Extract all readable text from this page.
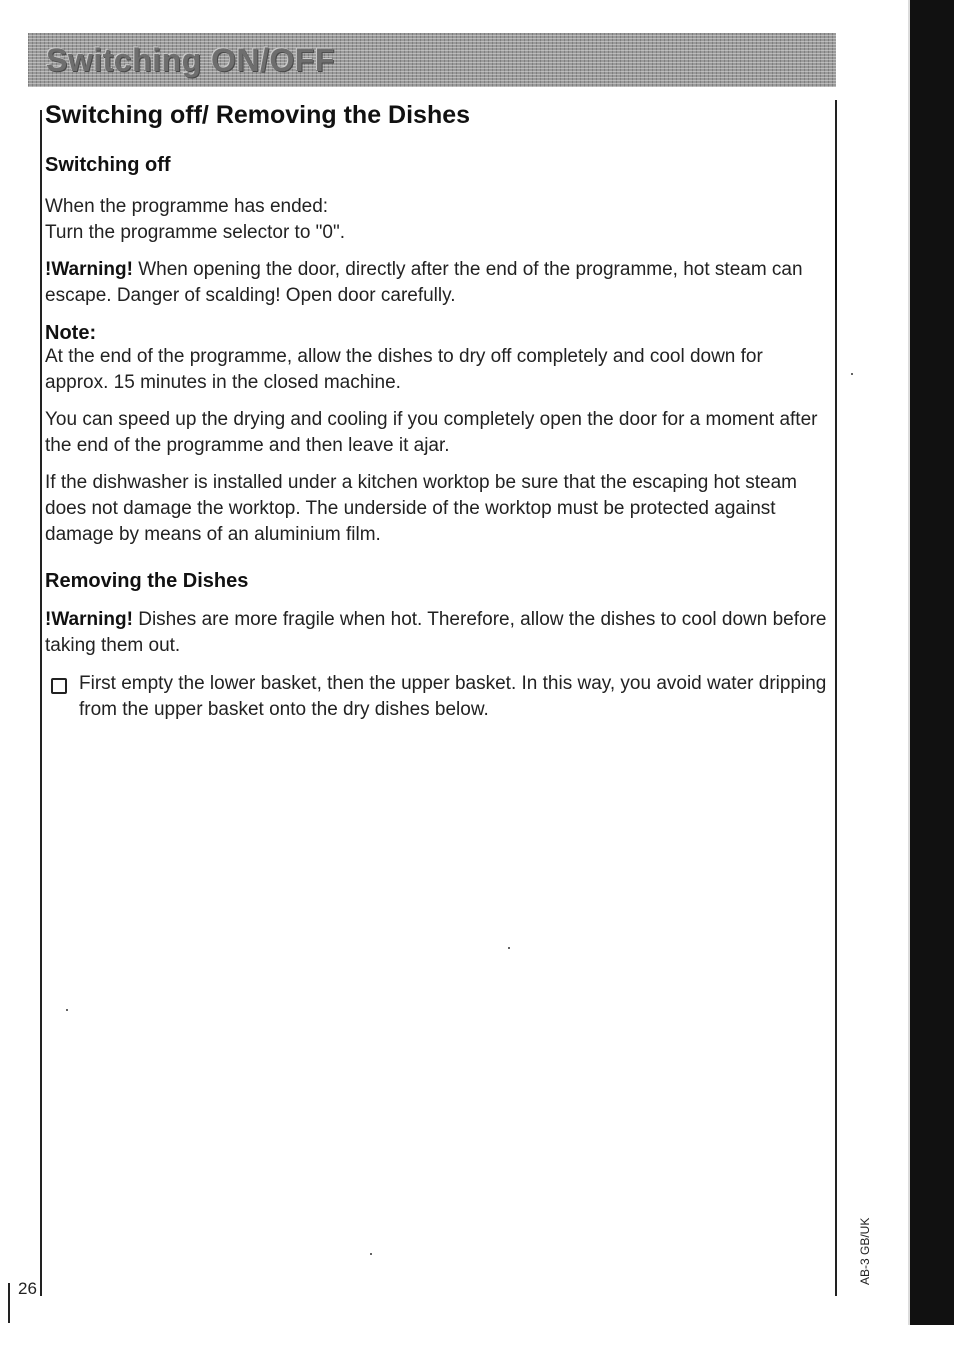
Switching ON/OFF
Switching off/ Removing the Dishes
Switching off

When the programme has ended:

Turn the programme selector to "0".

!Warning! When opening the door, directly after the end of the programme, hot steam can escape. Danger of scalding! Open door carefully.

Note:

At the end of the programme, allow the dishes to dry off completely and cool down for approx. 15 minutes in the closed machine.

You can speed up the drying and cooling if you completely open the door for a moment after the end of the programme and then leave it ajar.

If the dishwasher is installed under a kitchen worktop be sure that the escaping hot steam does not damage the worktop. The underside of the worktop must be protected against damage by means of an aluminium film.

Removing the Dishes

!Warning! Dishes are more fragile when hot. Therefore, allow the dishes to cool down before taking them out.

First empty the lower basket, then the upper basket. In this way, you avoid water dripping from the upper basket onto the dry dishes below.

26
AB-3 GB/UK
